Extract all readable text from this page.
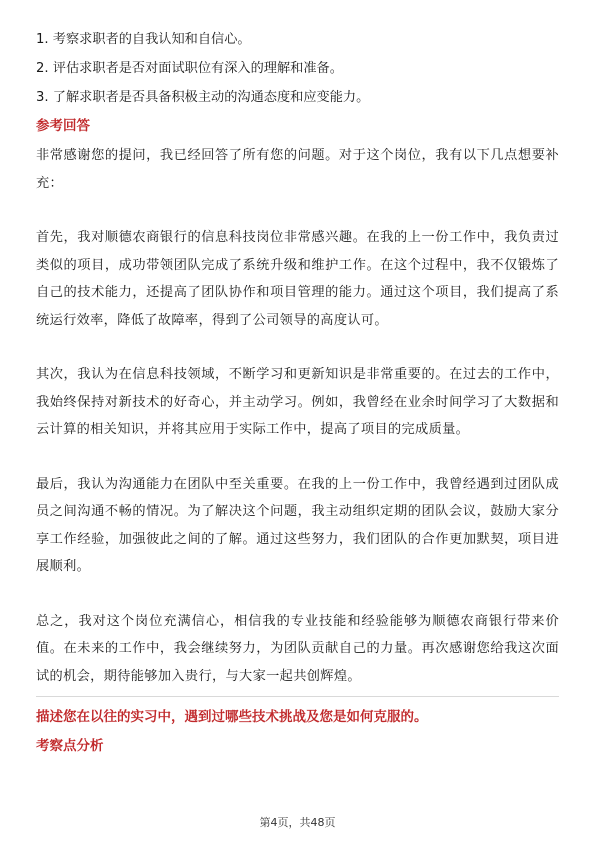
1. 考察求职者的自我认知和自信心。
2. 评估求职者是否对面试职位有深入的理解和准备。
3. 了解求职者是否具备积极主动的沟通态度和应变能力。
参考回答

非常感谢您的提问，我已经回答了所有您的问题。对于这个岗位，我有以下几点想要补充：

首先，我对顺德农商银行的信息科技岗位非常感兴趣。在我的上一份工作中，我负责过类似的项目，成功带领团队完成了系统升级和维护工作。在这个过程中，我不仅锻炼了自己的技术能力，还提高了团队协作和项目管理的能力。通过这个项目，我们提高了系统运行效率，降低了故障率，得到了公司领导的高度认可。

其次，我认为在信息科技领域，不断学习和更新知识是非常重要的。在过去的工作中，我始终保持对新技术的好奇心，并主动学习。例如，我曾经在业余时间学习了大数据和云计算的相关知识，并将其应用于实际工作中，提高了项目的完成质量。

最后，我认为沟通能力在团队中至关重要。在我的上一份工作中，我曾经遇到过团队成员之间沟通不畅的情况。为了解决这个问题，我主动组织定期的团队会议，鼓励大家分享工作经验，加强彼此之间的了解。通过这些努力，我们团队的合作更加默契，项目进展顺利。

总之，我对这个岗位充满信心，相信我的专业技能和经验能够为顺德农商银行带来价值。在未来的工作中，我会继续努力，为团队贡献自己的力量。再次感谢您给我这次面试的机会，期待能够加入贵行，与大家一起共创辉煌。

描述您在以往的实习中，遇到过哪些技术挑战及您是如何克服的。
考察点分析
第4页，共48页
